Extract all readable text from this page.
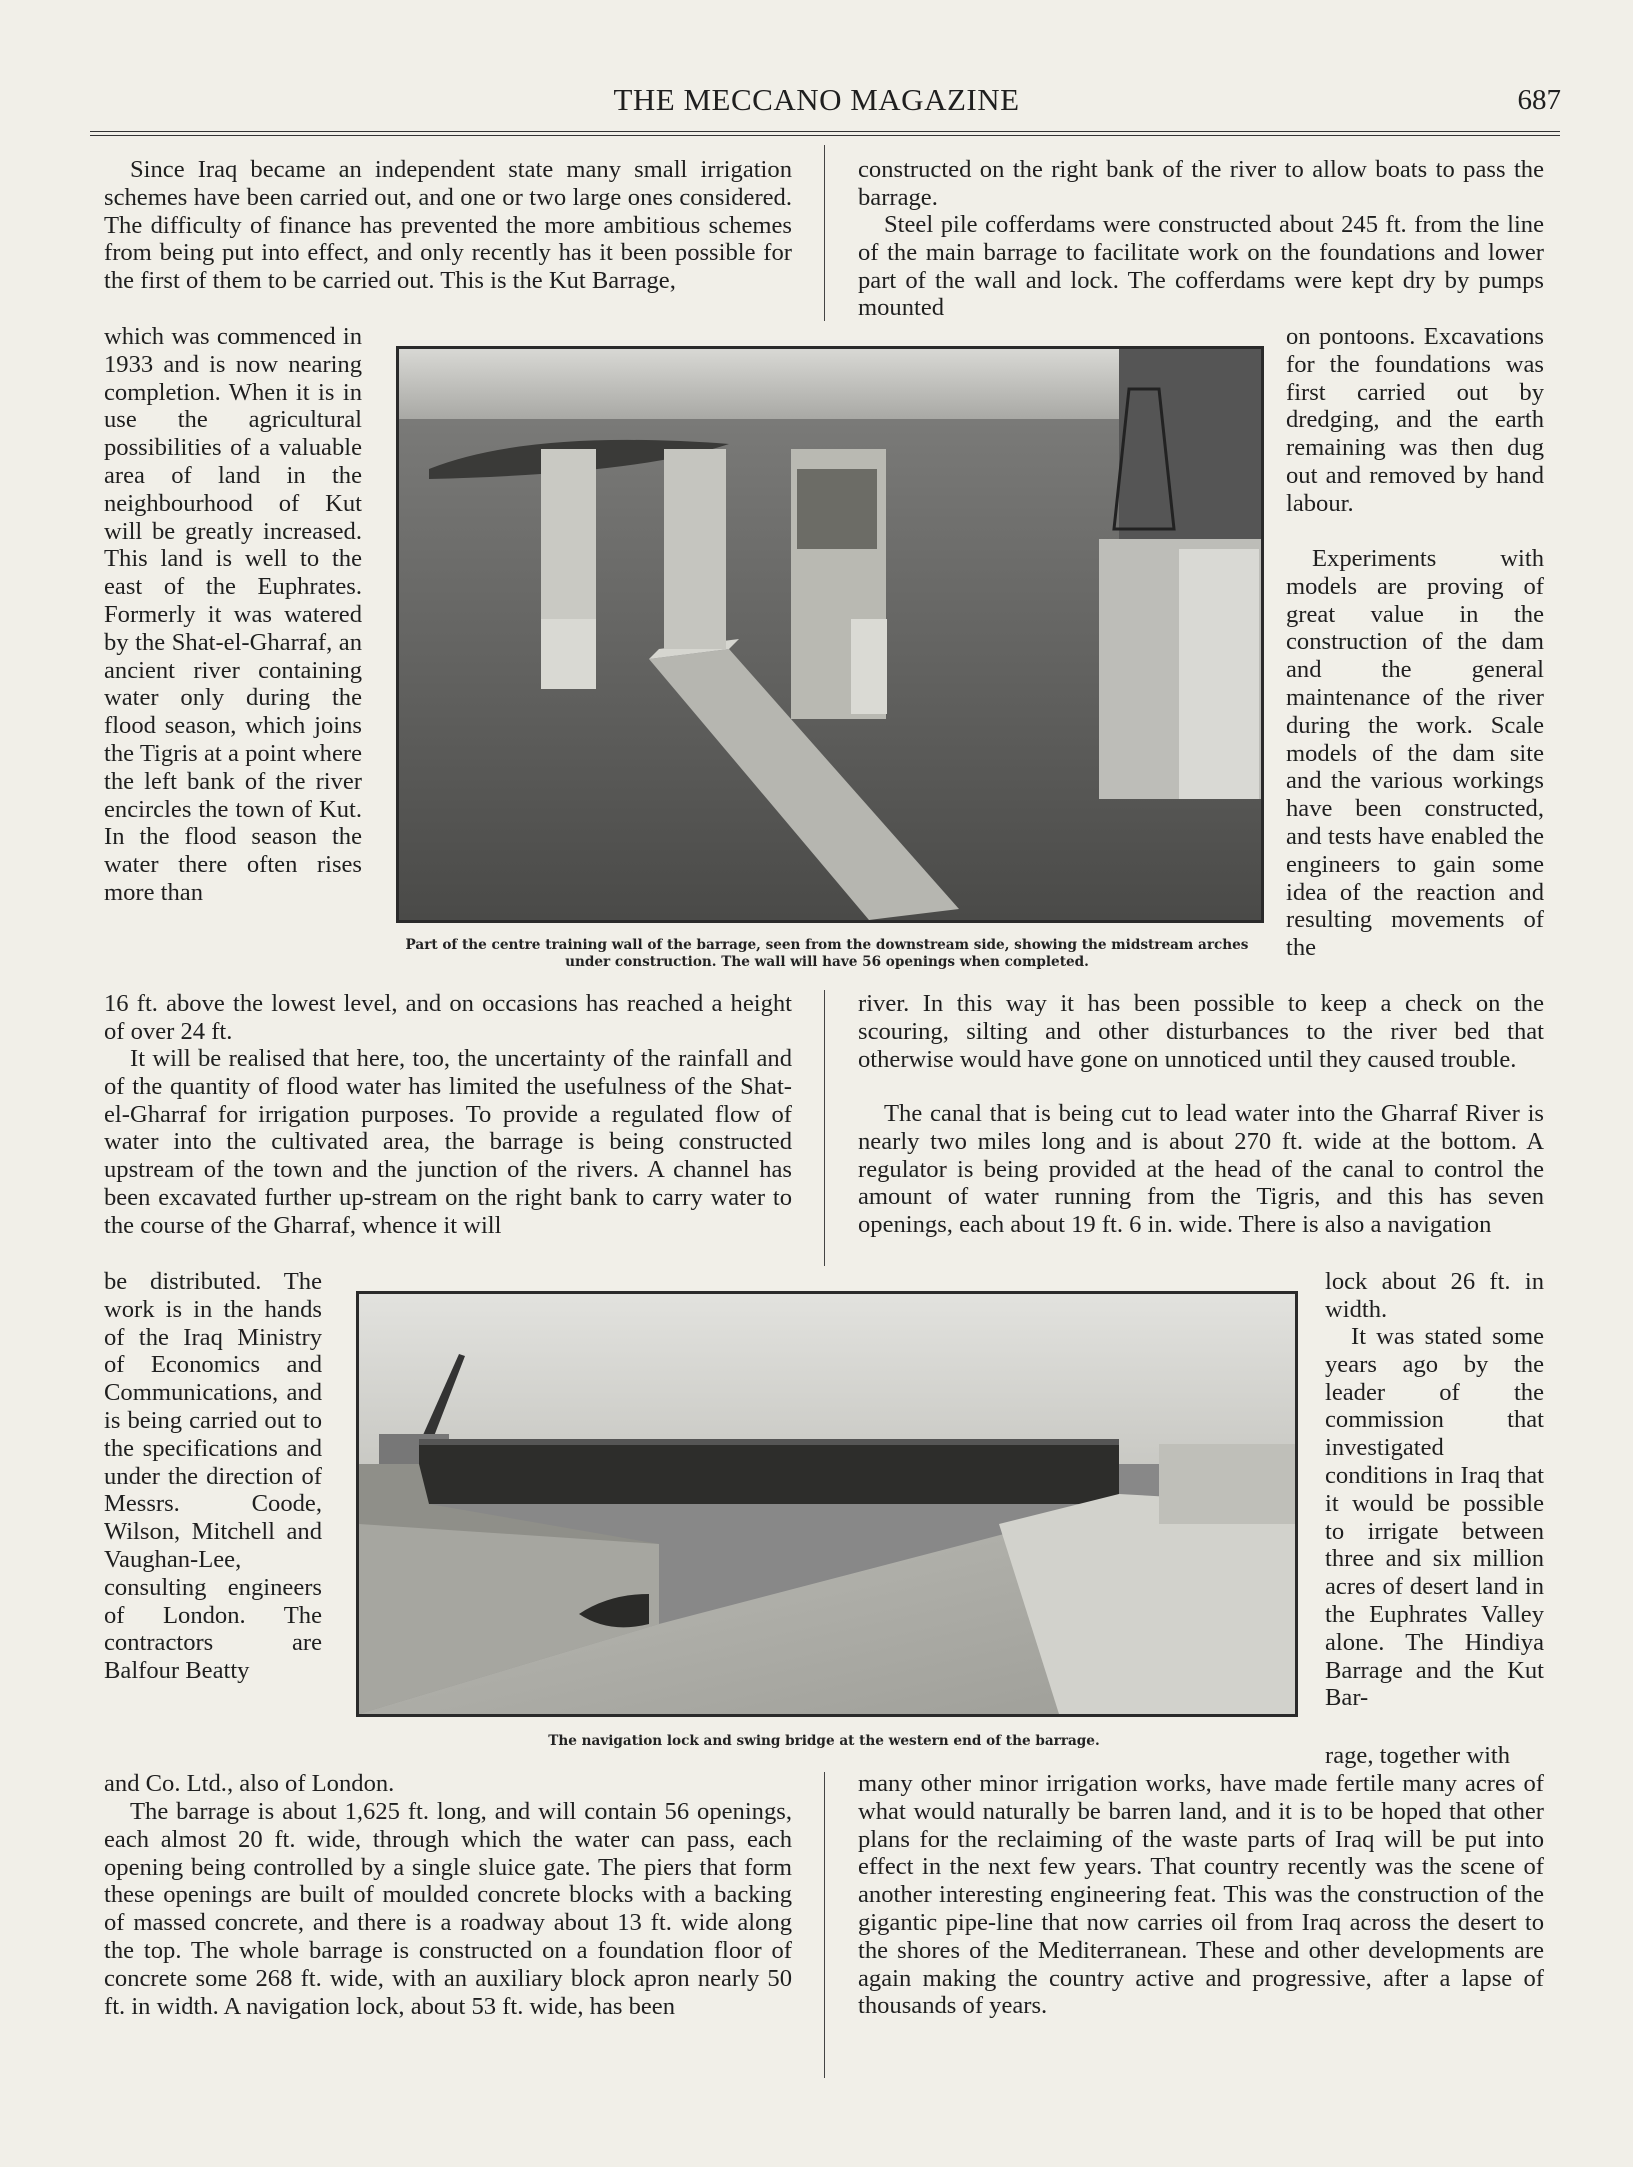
THE MECCANO MAGAZINE	687
Since Iraq became an independent state many small irrigation schemes have been carried out, and one or two large ones considered. The difficulty of finance has prevented the more ambitious schemes from being put into effect, and only recently has it been possible for the first of them to be carried out. This is the Kut Barrage,
which was commenced in 1933 and is now nearing completion. When it is in use the agricultural possibilities of a valuable area of land in the neighbourhood of Kut will be greatly increased. This land is well to the east of the Euphrates. Formerly it was watered by the Shat-el-Gharraf, an ancient river containing water only during the flood season, which joins the Tigris at a point where the left bank of the river encircles the town of Kut. In the flood season the water there often rises more than
16 ft. above the lowest level, and on occasions has reached a height of over 24 ft.
It will be realised that here, too, the uncertainty of the rainfall and of the quantity of flood water has limited the usefulness of the Shat-el-Gharraf for irrigation purposes. To provide a regulated flow of water into the cultivated area, the barrage is being constructed upstream of the town and the junction of the rivers. A channel has been excavated further up-stream on the right bank to carry water to the course of the Gharraf, whence it will
be distributed. The work is in the hands of the Iraq Ministry of Economics and Communications, and is being carried out to the specifications and under the direction of Messrs. Coode, Wilson, Mitchell and Vaughan-Lee, consulting engineers of London. The contractors are Balfour Beatty
and Co. Ltd., also of London.
The barrage is about 1,625 ft. long, and will contain 56 openings, each almost 20 ft. wide, through which the water can pass, each opening being controlled by a single sluice gate. The piers that form these openings are built of moulded concrete blocks with a backing of massed concrete, and there is a roadway about 13 ft. wide along the top. The whole barrage is constructed on a foundation floor of concrete some 268 ft. wide, with an auxiliary block apron nearly 50 ft. in width. A navigation lock, about 53 ft. wide, has been
constructed on the right bank of the river to allow boats to pass the barrage.
Steel pile cofferdams were constructed about 245 ft. from the line of the main barrage to facilitate work on the foundations and lower part of the wall and lock. The cofferdams were kept dry by pumps mounted
on pontoons. Excavations for the foundations was first carried out by dredging, and the earth remaining was then dug out and removed by hand labour.
Experiments with models are proving of great value in the construction of the dam and the general maintenance of the river during the work. Scale models of the dam site and the various workings have been constructed, and tests have enabled the engineers to gain some idea of the reaction and resulting movements of the
river. In this way it has been possible to keep a check on the scouring, silting and other disturbances to the river bed that otherwise would have gone on unnoticed until they caused trouble.
The canal that is being cut to lead water into the Gharraf River is nearly two miles long and is about 270 ft. wide at the bottom. A regulator is being provided at the head of the canal to control the amount of water running from the Tigris, and this has seven openings, each about 19 ft. 6 in. wide. There is also a navigation
lock about 26 ft. in width.
It was stated some years ago by the leader of the commission that investigated conditions in Iraq that it would be possible to irrigate between three and six million acres of desert land in the Euphrates Valley alone. The Hindiya Barrage and the Kut Bar-
rage, together with
many other minor irrigation works, have made fertile many acres of what would naturally be barren land, and it is to be hoped that other plans for the reclaiming of the waste parts of Iraq will be put into effect in the next few years. That country recently was the scene of another interesting engineering feat. This was the construction of the gigantic pipe-line that now carries oil from Iraq across the desert to the shores of the Mediterranean. These and other developments are again making the country active and progressive, after a lapse of thousands of years.
Part of the centre training wall of the barrage, seen from the downstream side, showing the midstream arches under construction. The wall will have 56 openings when completed.
The navigation lock and swing bridge at the western end of the barrage.
